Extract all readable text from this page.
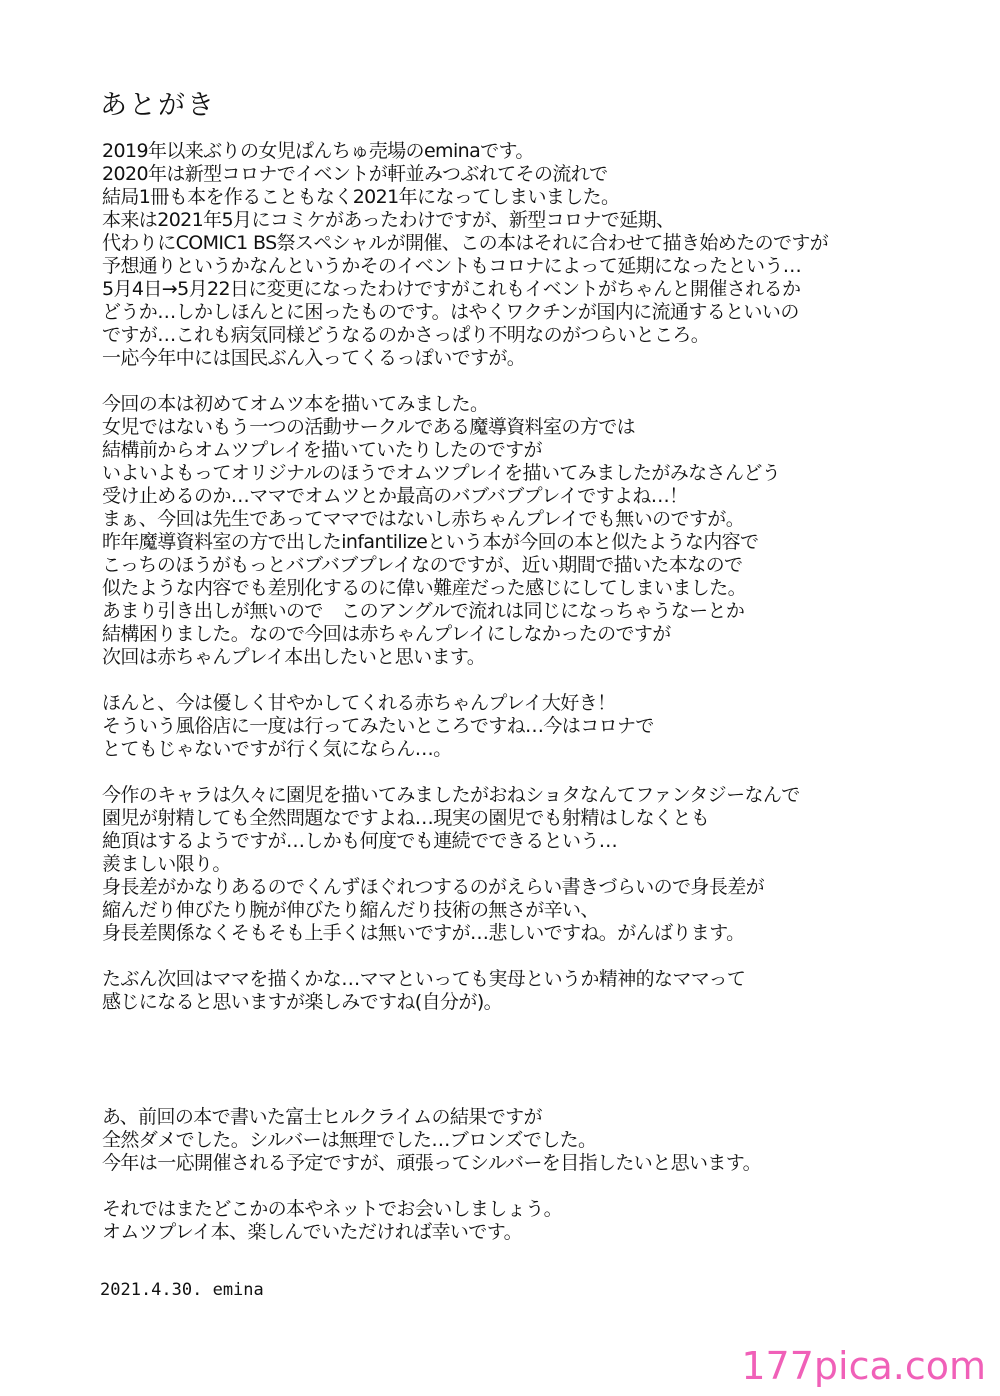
あとがき

2019年以来ぶりの女児ぱんちゅ売場のeminaです。
2020年は新型コロナでイベントが軒並みつぶれてその流れで
結局1冊も本を作ることもなく2021年になってしまいました。
本来は2021年5月にコミケがあったわけですが、新型コロナで延期、
代わりにCOMIC1 BS祭スペシャルが開催、この本はそれに合わせて描き始めたのですが
予想通りというかなんというかそのイベントもコロナによって延期になったという…
5月4日→5月22日に変更になったわけですがこれもイベントがちゃんと開催されるか
どうか…しかしほんとに困ったものです。はやくワクチンが国内に流通するといいの
ですが…これも病気同様どうなるのかさっぱり不明なのがつらいところ。
一応今年中には国民ぶん入ってくるっぽいですが。

今回の本は初めてオムツ本を描いてみました。
女児ではないもう一つの活動サークルである魔導資料室の方では
結構前からオムツプレイを描いていたりしたのですが
いよいよもってオリジナルのほうでオムツプレイを描いてみましたがみなさんどう
受け止めるのか…ママでオムツとか最高のバブバブプレイですよね…！
まぁ、今回は先生であってママではないし赤ちゃんプレイでも無いのですが。
昨年魔導資料室の方で出したinfantilizeという本が今回の本と似たような内容で
こっちのほうがもっとバブバブプレイなのですが、近い期間で描いた本なので
似たような内容でも差別化するのに偉い難産だった感じにしてしまいました。
あまり引き出しが無いので　このアングルで流れは同じになっちゃうなーとか
結構困りました。なので今回は赤ちゃんプレイにしなかったのですが
次回は赤ちゃんプレイ本出したいと思います。

ほんと、今は優しく甘やかしてくれる赤ちゃんプレイ大好き！
そういう風俗店に一度は行ってみたいところですね…今はコロナで
とてもじゃないですが行く気にならん…。

今作のキャラは久々に園児を描いてみましたがおねショタなんてファンタジーなんで
園児が射精しても全然問題なですよね…現実の園児でも射精はしなくとも
絶頂はするようですが…しかも何度でも連続でできるという…
羨ましい限り。
身長差がかなりあるのでくんずほぐれつするのがえらい書きづらいので身長差が
縮んだり伸びたり腕が伸びたり縮んだり技術の無さが辛い、
身長差関係なくそもそも上手くは無いですが…悲しいですね。がんばります。

たぶん次回はママを描くかな…ママといっても実母というか精神的なママって
感じになると思いますが楽しみですね(自分が)。

あ、前回の本で書いた富士ヒルクライムの結果ですが
全然ダメでした。シルバーは無理でした…ブロンズでした。
今年は一応開催される予定ですが、頑張ってシルバーを目指したいと思います。

それではまたどこかの本やネットでお会いしましょう。
オムツプレイ本、楽しんでいただければ幸いです。

2021.4.30. emina

177pica.com
